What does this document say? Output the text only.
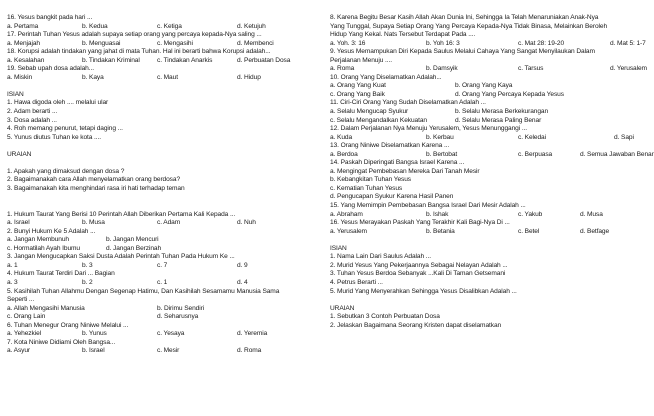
16. Yesus bangkit pada hari ...
a. Pertama	b. Kedua	c. Ketiga	d. Ketujuh
17. Perintah Tuhan Yesus adalah supaya setiap orang yang percaya kepada-Nya saling ...
a. Menjajah	b. Menguasai	c. Mengasihi	d. Membenci
18. Korupsi adalah tindakan yang jahat di mata Tuhan. Hal ini berarti bahwa Korupsi adalah...
a. Kesalahan	b. Tindakan Kriminal	c. Tindakan Anarkis	d. Perbuatan Dosa
19. Sebab upah dosa adalah...
a. Miskin	b. Kaya	c. Maut	d. Hidup
ISIAN
1. Hawa digoda oleh .... melalui ular
2. Adam berarti ...
3. Dosa adalah ...
4. Roh memang penurut, tetapi daging ...
5. Yunus diutus Tuhan ke kota ....
URAIAN
1. Apakah yang dimaksud dengan dosa ?
2. Bagaimanakah cara Allah menyelamatkan orang berdosa?
3. Bagaimanakah kita menghindari rasa iri hati terhadap teman
1. Hukum Taurat Yang Berisi 10 Perintah Allah Diberikan Pertama Kali Kepada ...
a. Israel	b. Musa	c. Adam	d. Nuh
2. Bunyi Hukum Ke 5 Adalah ...
a. Jangan Membunuh	b. Jangan Mencuri
c. Hormatilah Ayah Ibumu	d. Jangan Berzinah
3. Jangan Mengucapkan Saksi Dusta Adalah Perintah Tuhan Pada Hukum Ke ...
a. 1	b. 3	c. 7	d. 9
4. Hukum Taurat Terdiri Dari ... Bagian
a. 3	b. 2	c. 1	d. 4
5. Kasihilah Tuhan Allahmu Dengan Segenap Hatimu, Dan Kasihilah Sesamamu Manusia Sama
Seperti ...
a. Allah Mengasihi Manusia	b. Dirimu Sendiri
c. Orang Lain	d. Seharusnya
6. Tuhan Menegur Orang Niniwe Melalui ...
a. Yehezkiel	b. Yunus	c. Yesaya	d. Yeremia
7. Kota Niniwe Didiami Oleh Bangsa...
a. Asyur	b. Israel	c. Mesir	d. Roma
8. Karena Begitu Besar Kasih Allah Akan Dunia Ini, Sehingga Ia Telah Menaruniakan Anak-Nya
Yang Tunggal, Supaya Setiap Orang Yang Percaya Kepada-Nya Tidak Binasa, Melainkan Beroleh
Hidup Yang Kekal. Nats Tersebut Terdapat Pada ....
a. Yoh. 3: 16	b. Yoh 16: 3	c. Mat 28: 19-20	d. Mat 5: 1-7
9. Yesus Memampukan Diri Kepada Saulus Melalui Cahaya Yang Sangat Menyilaukan Dalam
Perjalanan Menuju ....
a. Roma	b. Damsyik	c. Tarsus	d. Yerusalem
10. Orang Yang Diselamatkan Adalah...
a. Orang Yang Kuat	b. Orang Yang Kaya
c. Orang Yang Baik	d. Orang Yang Percaya Kepada Yesus
11. Ciri-Ciri Orang Yang Sudah Diselamatkan Adalah ...
a. Selalu Mengucap Syukur	b. Selalu Merasa Berkekurangan
c. Selalu Mengandalkan Kekuatan	d. Selalu Merasa Paling Benar
12. Dalam Perjalanan Nya Menuju Yerusalem, Yesus Menunggangi ...
a. Kuda	b. Kerbau	c. Keledai	d. Sapi
13. Orang Niniwe Diselamatkan Karena ...
a. Berdoa	b. Bertobat	c. Berpuasa	d. Semua Jawaban Benar
14. Paskah Diperingati Bangsa Israel Karena ...
a. Mengingat Pembebasan Mereka Dari Tanah Mesir
b. Kebangkitan Tuhan Yesus
c. Kematian Tuhan Yesus
d. Pengucapan Syukur Karena Hasil Panen
15. Yang Memimpin Pembebasan Bangsa Israel Dari Mesir Adalah ...
a. Abraham	b. Ishak	c. Yakub	d. Musa
16. Yesus Merayakan Paskah Yang Terakhir Kali Bagi-Nya Di ...
a. Yerusalem	b. Betania	c. Betel	d. Betfage
ISIAN
1. Nama Lain Dari Saulus Adalah ...
2. Murid Yesus Yang Pekerjaannya Sebagai Nelayan Adalah ...
3. Tuhan Yesus Berdoa Sebanyak ...Kali Di Taman Getsemani
4. Petrus Berarti ...
5. Murid Yang Menyerahkan Sehingga Yesus Disalibkan Adalah ...
URAIAN
1. Sebutkan 3 Contoh Perbuatan Dosa
2. Jelaskan Bagaimana Seorang Kristen dapat diselamatkan
